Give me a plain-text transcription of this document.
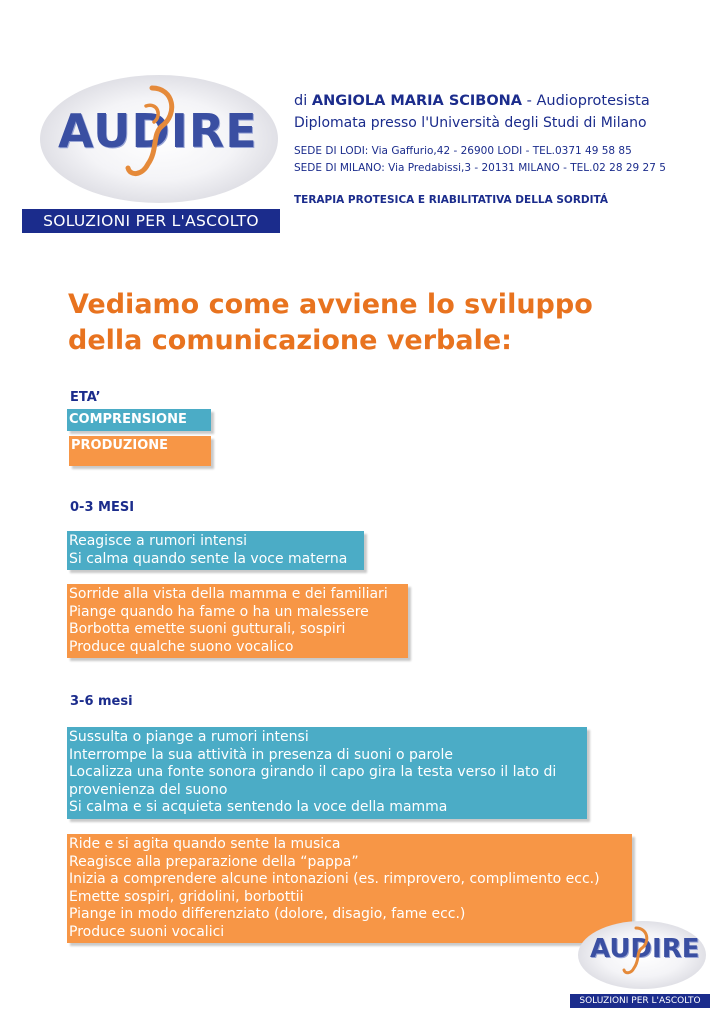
AUDIRE
SOLUZIONI PER L'ASCOLTO
di ANGIOLA MARIA SCIBONA - Audioprotesista
Diplomata presso l'Università degli Studi di Milano
SEDE DI LODI: Via Gaffurio,42 - 26900 LODI - TEL.0371 49 58 85
SEDE DI MILANO: Via Predabissi,3 - 20131 MILANO - TEL.02 28 29 27 5
TERAPIA PROTESICA E RIABILITATIVA DELLA SORDITÁ
Vediamo come avviene lo sviluppo
della comunicazione verbale:
ETA’
COMPRENSIONE
PRODUZIONE
0-3 MESI
Reagisce a rumori intensi
Si calma quando sente la voce materna
Sorride alla vista della mamma e dei familiari
Piange quando ha fame o ha un malessere
Borbotta emette suoni gutturali, sospiri
Produce qualche suono vocalico
3-6 mesi
Sussulta o piange a rumori intensi
Interrompe la sua attività in presenza di suoni o parole
Localizza una fonte sonora girando il capo gira la testa verso il lato di
provenienza del suono
Si calma e si acquieta sentendo la voce della mamma
Ride e si agita quando sente la musica
Reagisce alla preparazione della “pappa”
Inizia a comprendere alcune intonazioni (es. rimprovero, complimento ecc.)
Emette sospiri, gridolini, borbottii
Piange in modo differenziato (dolore, disagio, fame ecc.)
Produce suoni vocalici
AUDIRE
SOLUZIONI PER L'ASCOLTO
